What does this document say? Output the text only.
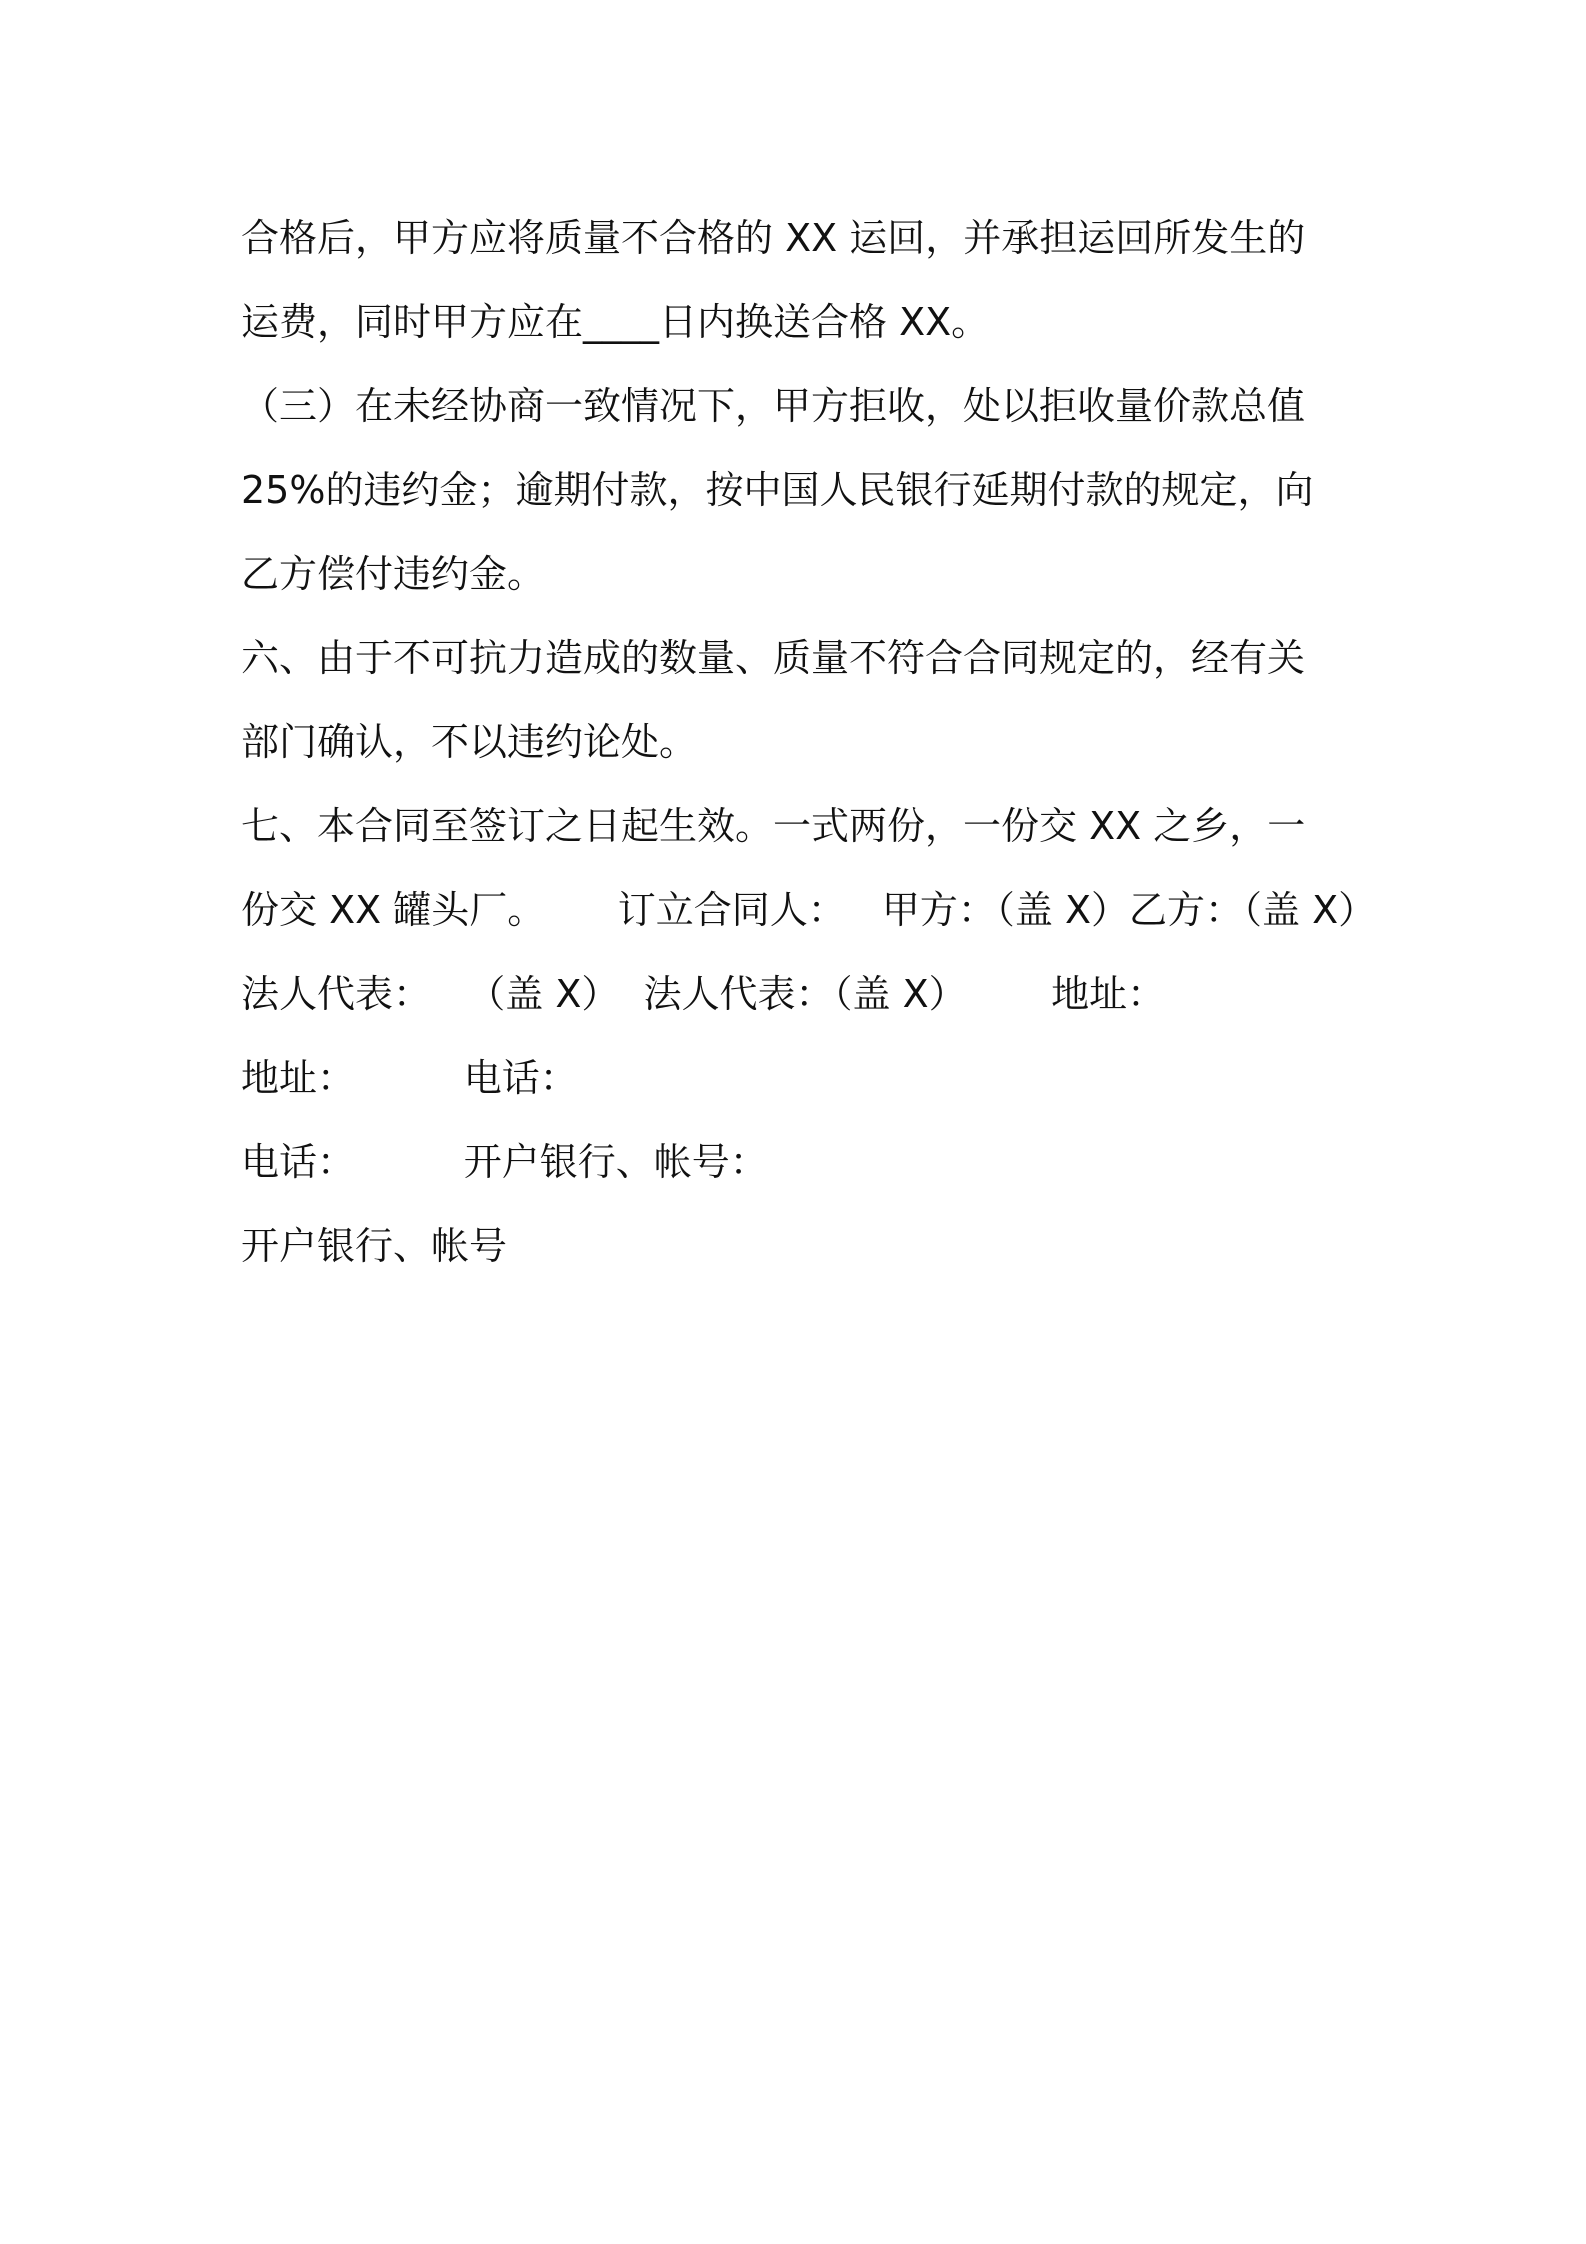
合格后，甲方应将质量不合格的 XX 运回，并承担运回所发生的
运费，同时甲方应在____日内换送合格 XX。
（三）在未经协商一致情况下，甲方拒收，处以拒收量价款总值
25%的违约金；逾期付款，按中国人民银行延期付款的规定，向
乙方偿付违约金。
六、由于不可抗力造成的数量、质量不符合合同规定的，经有关
部门确认，不以违约论处。
七、本合同至签订之日起生效。一式两份，一份交 XX 之乡，一
份交 XX 罐头厂。      订立合同人：   甲方：（盖 X）乙方：（盖 X）
法人代表：   （盖 X）  法人代表：（盖 X）       地址：
地址：         电话：
电话：         开户银行、帐号：
开户银行、帐号
